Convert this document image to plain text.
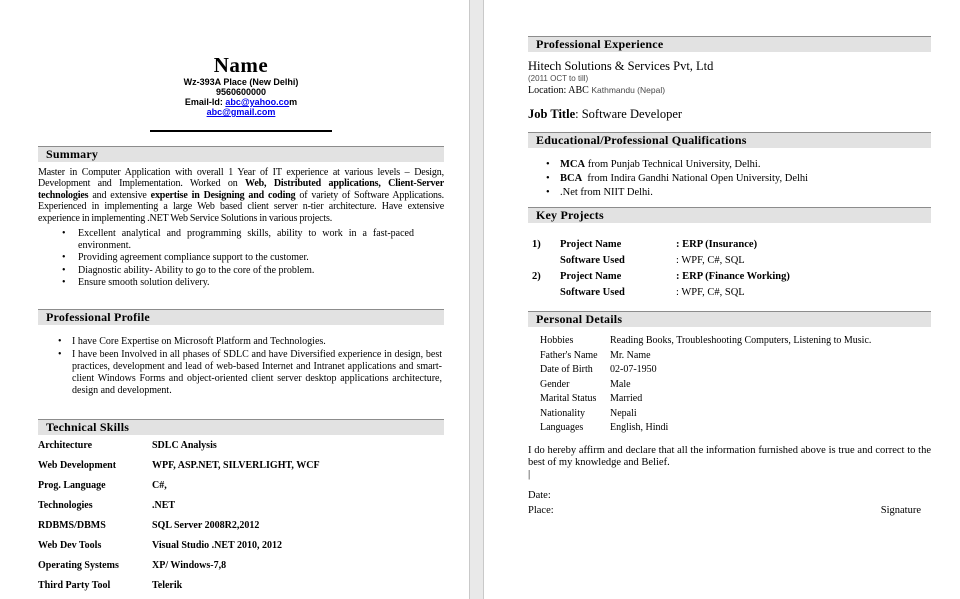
Name
Wz-393A Place (New Delhi)
9560600000
Email-Id: abc@yahoo.com
abc@gmail.com
Summary
Master in Computer Application with overall 1 Year of IT experience at various levels – Design, Development and Implementation. Worked on Web, Distributed applications, Client-Server technologies and extensive expertise in Designing and coding of variety of Software Applications. Experienced in implementing a large Web based client server n-tier architecture. Have extensive experience in implementing .NET Web Service Solutions in various projects.
• Excellent analytical and programming skills, ability to work in a fast-paced environment.
• Providing agreement compliance support to the customer.
• Diagnostic ability- Ability to go to the core of the problem.
• Ensure smooth solution delivery.
Professional Profile
• I have Core Expertise on Microsoft Platform and Technologies.
• I have been Involved in all phases of SDLC and have Diversified experience in design, best practices, development and lead of web-based Internet and Intranet applications and smart-client Windows Forms and object-oriented client server desktop applications architecture, design and development.
Technical Skills
Architecture	SDLC Analysis
Web Development	WPF, ASP.NET, SILVERLIGHT, WCF
Prog. Language	C#,
Technologies	.NET
RDBMS/DBMS	SQL Server 2008R2,2012
Web Dev Tools	Visual Studio .NET 2010, 2012
Operating Systems	XP/ Windows-7,8
Third Party Tool	Telerik
Professional Experience
Hitech Solutions & Services Pvt, Ltd
(2011 OCT to till)
Location: ABC Kathmandu (Nepal)
Job Title: Software Developer
Educational/Professional Qualifications
• MCA from Punjab Technical University, Delhi.
• BCA  from Indira Gandhi National Open University, Delhi
• .Net from NIIT Delhi.
Key Projects
1)	Project Name	: ERP (Insurance)
Software Used	: WPF, C#, SQL
2)	Project Name	: ERP (Finance Working)
Software Used	: WPF, C#, SQL
Personal Details
Hobbies	Reading Books, Troubleshooting Computers, Listening to Music.
Father's Name	Mr. Name
Date of Birth	02-07-1950
Gender	Male
Marital Status	Married
Nationality	Nepali
Languages	English, Hindi
I do hereby affirm and declare that all the information furnished above is true and correct to the best of my knowledge and Belief.
|
Date:
Place:	Signature
